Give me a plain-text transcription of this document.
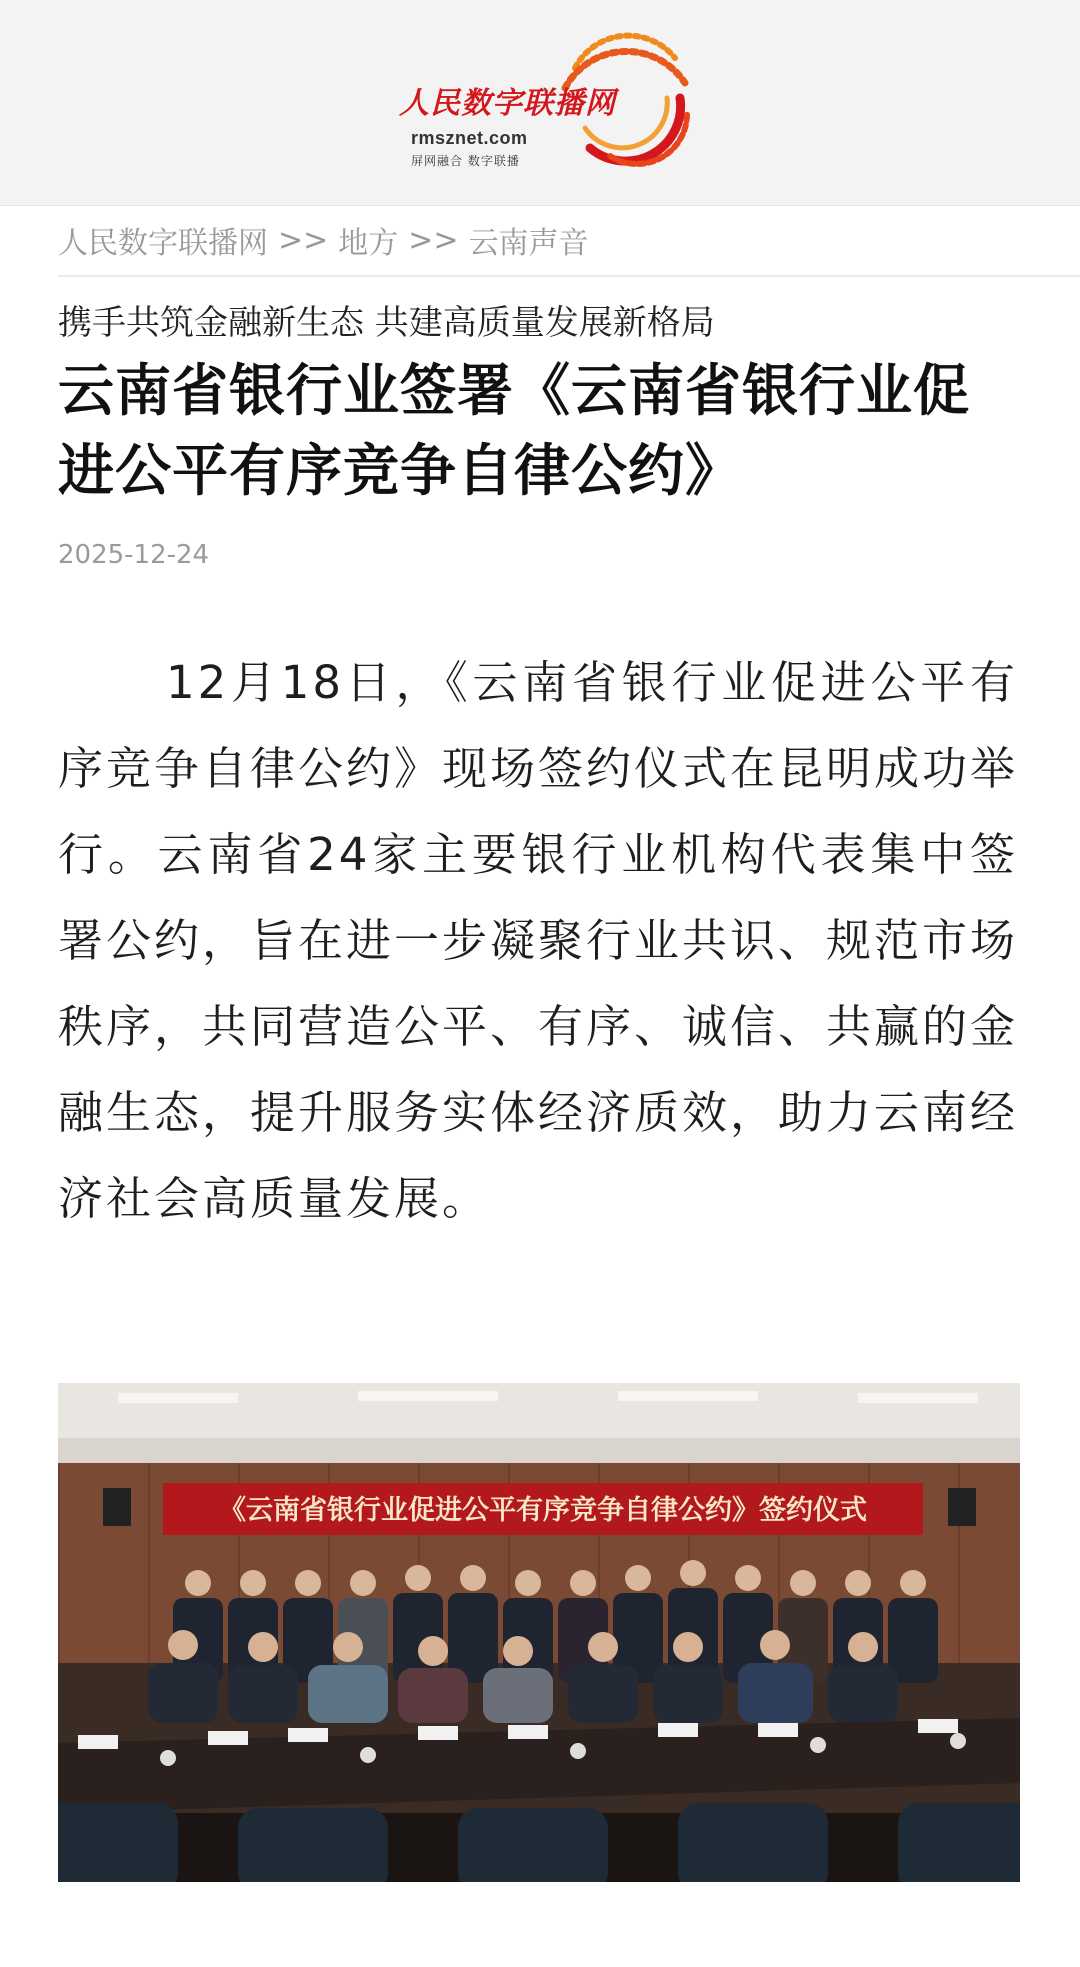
人民数字联播网
rmsznet.com
屏网融合 数字联播
人民数字联播网 >> 地方 >> 云南声音
携手共筑金融新生态 共建高质量发展新格局
云南省银行业签署《云南省银行业促进公平有序竞争自律公约》
2025-12-24

12月18日，《云南省银行业促进公平有序竞争自律公约》现场签约仪式在昆明成功举行。云南省24家主要银行业机构代表集中签署公约，旨在进一步凝聚行业共识、规范市场秩序，共同营造公平、有序、诚信、共赢的金融生态，提升服务实体经济质效，助力云南经济社会高质量发展。

《云南省银行业促进公平有序竞争自律公约》签约仪式
